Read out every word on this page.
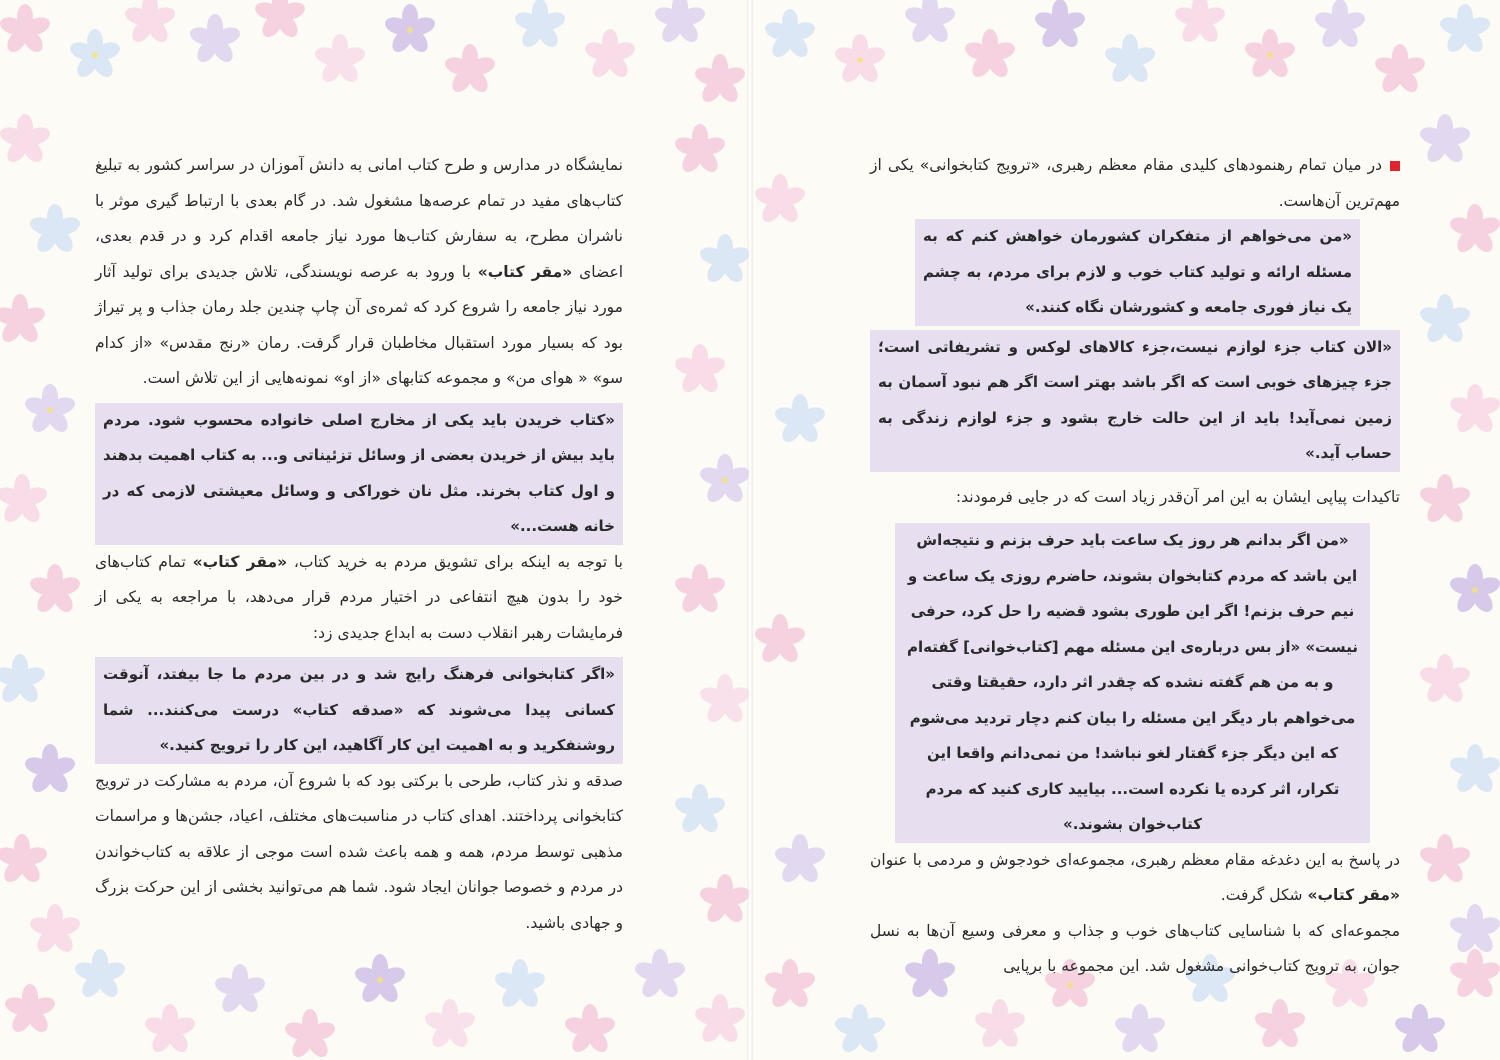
در میان تمام رهنمودهای کلیدی مقام معظم رهبری، «ترویج کتابخوانی» یکی از مهم‌ترین آن‌هاست.

«من می‌خواهم از متفکران کشورمان خواهش کنم که به مسئله ارائه و تولید کتاب خوب و لازم برای مردم، به چشم یک نیاز فوری جامعه و کشورشان نگاه کنند.»

«الان کتاب جزء لوازم نیست،جزء کالاهای لوکس و تشریفاتی است؛ جزء چیزهای خوبی است که اگر باشد بهتر است اگر هم نبود آسمان به زمین نمی‌آید! باید از این حالت خارج بشود و جزء لوازم زندگی به حساب آید.»

تاکیدات پیاپی ایشان به این امر آن‌قدر زیاد است که در جایی فرمودند:

«من اگر بدانم هر روز یک ساعت باید حرف بزنم و نتیجه‌اش این باشد که مردم کتابخوان بشوند، حاضرم روزی یک ساعت و نیم حرف بزنم! اگر این طوری بشود قضیه را حل کرد، حرفی نیست» «از بس درباره‌ی این مسئله مهم [کتاب‌خوانی] گفته‌ام و به من هم گفته نشده که چقدر اثر دارد، حقیقتا وقتی می‌خواهم بار دیگر این مسئله را بیان کنم دچار تردید می‌شوم که این دیگر جزء گفتار لغو نباشد! من نمی‌دانم واقعا این تکرار، اثر کرده یا نکرده است... بیایید کاری کنید که مردم کتاب‌خوان بشوند.»

در پاسخ به این دغدغه مقام معظم رهبری، مجموعه‌ای خودجوش و مردمی با عنوان «مقر کتاب» شکل گرفت.

مجموعه‌ای که با شناسایی کتاب‌های خوب و جذاب و معرفی وسیع آن‌ها به نسل جوان، به ترویج کتاب‌خوانی مشغول شد. این مجموعه با برپایی

نمایشگاه در مدارس و طرح کتاب امانی به دانش آموزان در سراسر کشور به تبلیغ کتاب‌های مفید در تمام عرصه‌ها مشغول شد. در گام بعدی با ارتباط گیری موثر با ناشران مطرح، به سفارش کتاب‌ها مورد نیاز جامعه اقدام کرد و در قدم بعدی، اعضای «مقر کتاب» با ورود به عرصه نویسندگی، تلاش جدیدی برای تولید آثار مورد نیاز جامعه را شروع کرد که ثمره‌ی آن چاپ چندین جلد رمان جذاب و پر تیراژ بود که بسیار مورد استقبال مخاطبان قرار گرفت. رمان «رنج مقدس» «از کدام سو» « هوای من» و مجموعه کتابهای «از او» نمونه‌هایی از این تلاش است.

«کتاب خریدن باید یکی از مخارج اصلی خانواده محسوب شود. مردم باید بیش از خریدن بعضی از وسائل تزئیناتی و... به کتاب اهمیت بدهند و اول کتاب بخرند. مثل نان خوراکی و وسائل معیشتی لازمی که در خانه هست...»

با توجه به اینکه برای تشویق مردم به خرید کتاب، «مقر کتاب» تمام کتاب‌های خود را بدون هیچ انتفاعی در اختیار مردم قرار می‌دهد، با مراجعه به یکی از فرمایشات رهبر انقلاب دست به ابداع جدیدی زد:

«اگر کتابخوانی فرهنگ رایج شد و در بین مردم ما جا بیفتد، آنوقت کسانی پیدا می‌شوند که «صدقه کتاب» درست می‌کنند... شما روشنفکرید و به اهمیت این کار آگاهید، این کار را ترویج کنید.»

صدقه و نذر کتاب، طرحی با برکتی بود که با شروع آن، مردم به مشارکت در ترویج کتابخوانی پرداختند. اهدای کتاب در مناسبت‌های مختلف، اعیاد، جشن‌ها و مراسمات مذهبی توسط مردم، همه و همه باعث شده است موجی از علاقه به کتاب‌خواندن در مردم و خصوصا جوانان ایجاد شود. شما هم می‌توانید بخشی از این حرکت بزرگ و جهادی باشید.
